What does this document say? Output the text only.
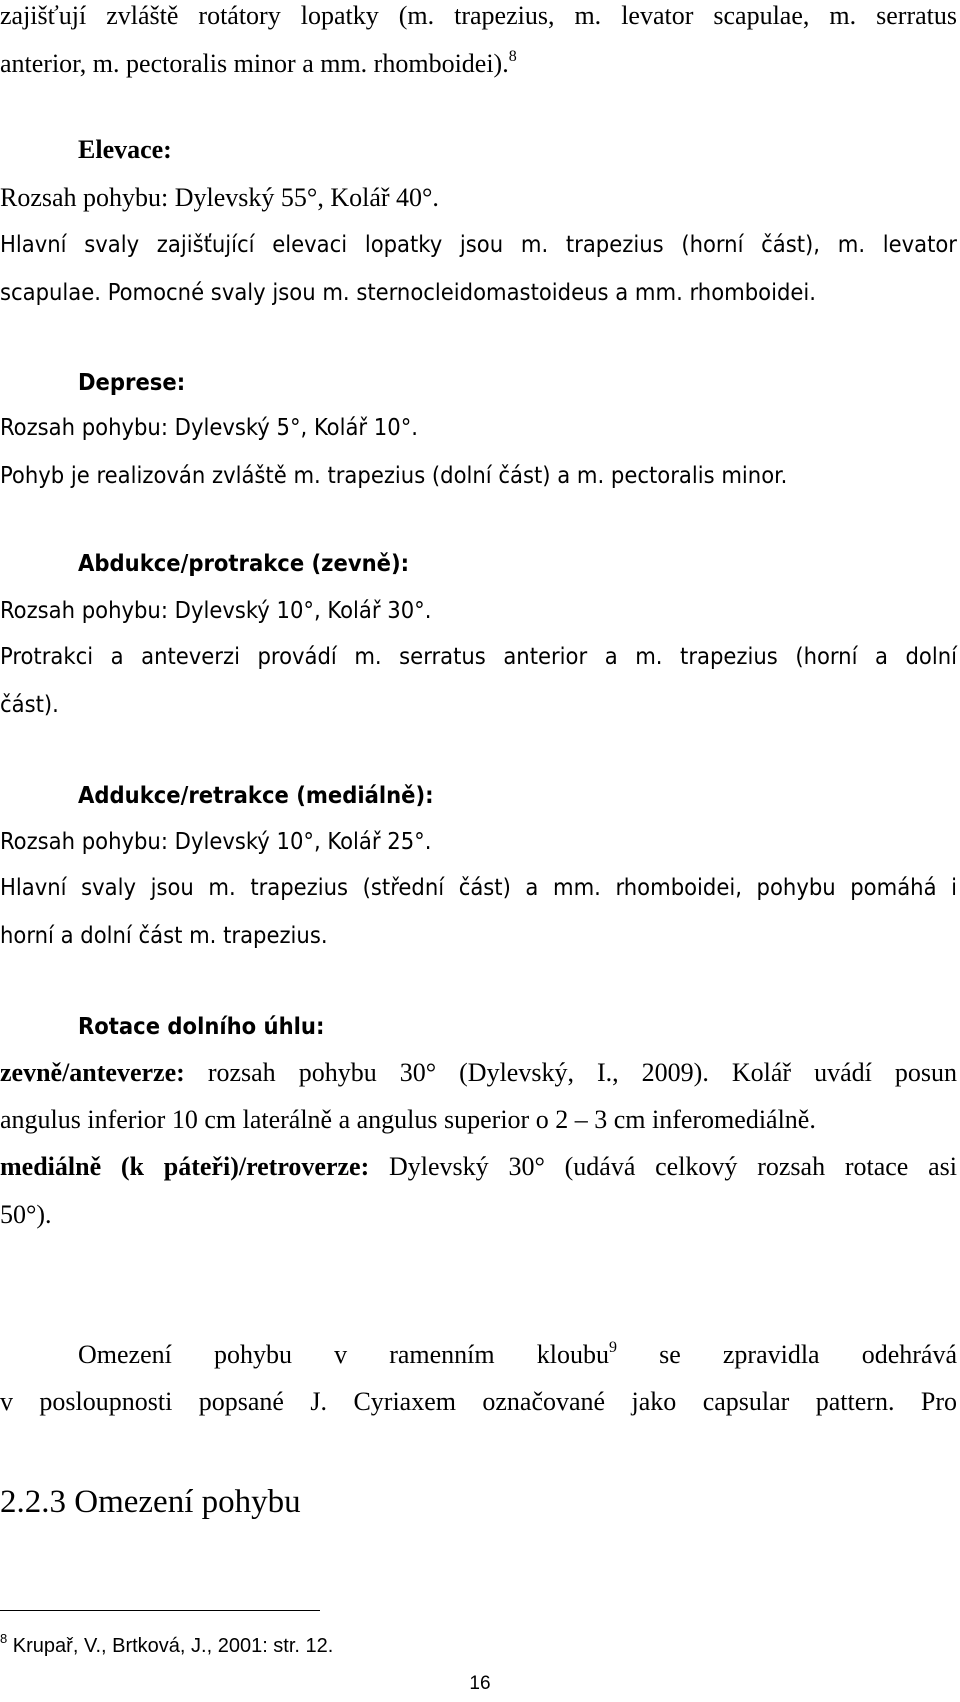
zajišťují zvláště rotátory lopatky (m. trapezius, m. levator scapulae, m. serratus
anterior, m. pectoralis minor a mm. rhomboidei).$^8$
Elevace:
Rozsah pohybu: Dylevský 55°, Kolář 40°.
Hlavní svaly zajišťující elevaci lopatky jsou m. trapezius (horní část), m. levator
scapulae. Pomocné svaly jsou m. sternocleidomastoideus a mm. rhomboidei.
Deprese:
Rozsah pohybu: Dylevský 5°, Kolář 10°.
Pohyb je realizován zvláště m. trapezius (dolní část) a m. pectoralis minor.
Abdukce/protrakce (zevně):
Rozsah pohybu: Dylevský 10°, Kolář 30°.
Protrakci a anteverzi provádí m. serratus anterior a m. trapezius (horní a dolní
část).
Addukce/retrakce (mediálně):
Rozsah pohybu: Dylevský 10°, Kolář 25°.
Hlavní svaly jsou m. trapezius (střední část) a mm. rhomboidei, pohybu pomáhá i
horní a dolní část m. trapezius.
Rotace dolního úhlu:
zevně/anteverze: rozsah pohybu 30° (Dylevský, I., 2009). Kolář uvádí posun
angulus inferior 10 cm laterálně a angulus superior o 2 – 3 cm inferomediálně.
mediálně (k páteři)/retroverze: Dylevský 30° (udává celkový rozsah rotace asi
50°).
2.2.3 Omezení pohybu
Omezení pohybu v ramenním kloubu$^9$ se zpravidla odehrává
v posloupnosti popsané J. Cyriaxem označované jako capsular pattern. Pro
$^8$ Krupař, V., Brtková, J., 2001: str. 12.
16
